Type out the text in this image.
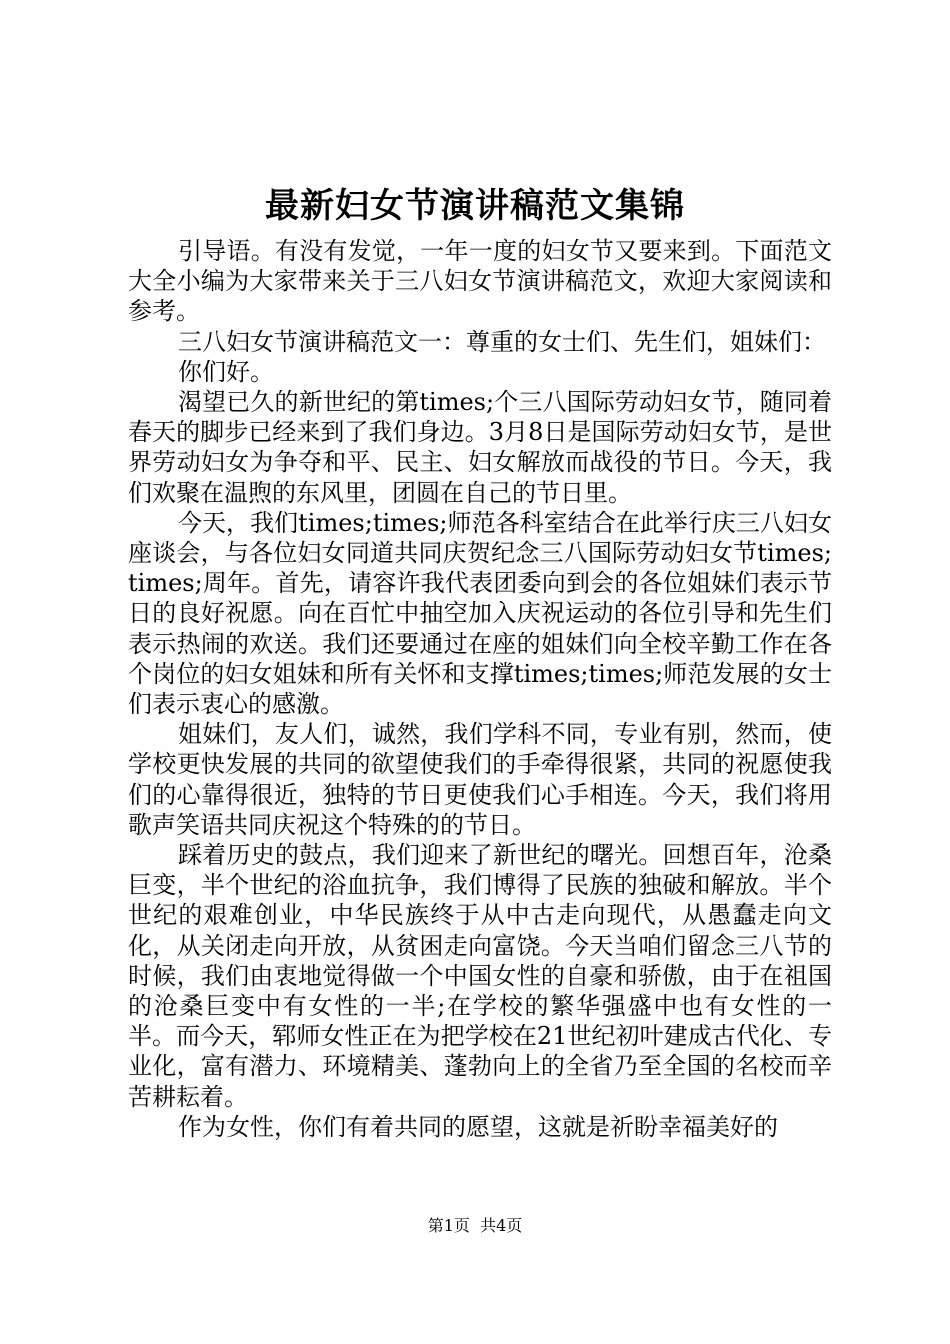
最新妇女节演讲稿范文集锦

引导语。有没有发觉，一年一度的妇女节又要来到。下面范文大全小编为大家带来关于三八妇女节演讲稿范文，欢迎大家阅读和参考。

三八妇女节演讲稿范文一：尊重的女士们、先生们，姐妹们：

你们好。

渴望已久的新世纪的第times;个三八国际劳动妇女节，随同着春天的脚步已经来到了我们身边。3月8日是国际劳动妇女节，是世界劳动妇女为争夺和平、民主、妇女解放而战役的节日。今天，我们欢聚在温煦的东风里，团圆在自己的节日里。

今天，我们times;times;师范各科室结合在此举行庆三八妇女座谈会，与各位妇女同道共同庆贺纪念三八国际劳动妇女节times;times;周年。首先，请容许我代表团委向到会的各位姐妹们表示节日的良好祝愿。向在百忙中抽空加入庆祝运动的各位引导和先生们表示热闹的欢送。我们还要通过在座的姐妹们向全校辛勤工作在各个岗位的妇女姐妹和所有关怀和支撑times;times;师范发展的女士们表示衷心的感激。

姐妹们，友人们，诚然，我们学科不同，专业有别，然而，使学校更快发展的共同的欲望使我们的手牵得很紧，共同的祝愿使我们的心靠得很近，独特的节日更使我们心手相连。今天，我们将用歌声笑语共同庆祝这个特殊的的节日。

踩着历史的鼓点，我们迎来了新世纪的曙光。回想百年，沧桑巨变，半个世纪的浴血抗争，我们博得了民族的独破和解放。半个世纪的艰难创业，中华民族终于从中古走向现代，从愚蠢走向文化，从关闭走向开放，从贫困走向富饶。今天当咱们留念三八节的时候，我们由衷地觉得做一个中国女性的自豪和骄傲，由于在祖国的沧桑巨变中有女性的一半;在学校的繁华强盛中也有女性的一半。而今天，郓师女性正在为把学校在21世纪初叶建成古代化、专业化，富有潜力、环境精美、蓬勃向上的全省乃至全国的名校而辛苦耕耘着。

作为女性，你们有着共同的愿望，这就是祈盼幸福美好的

第1页  共4页
